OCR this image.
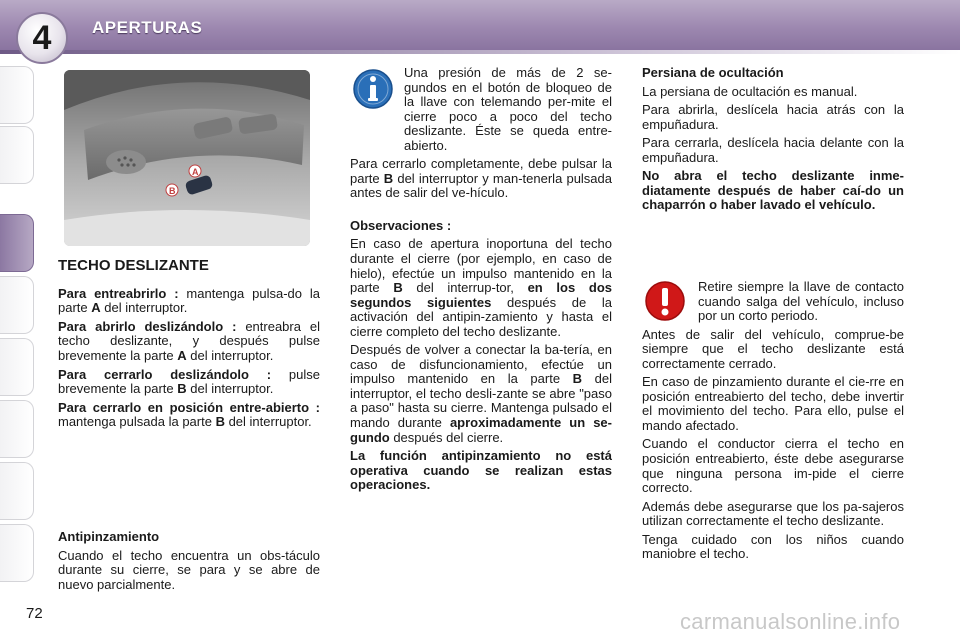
4 APERTURAS
A
B
TECHO DESLIZANTE

Para entreabrirlo : mantenga pulsa-do la parte A del interruptor.

Para abrirlo deslizándolo : entreabra el techo deslizante, y después pulse brevemente la parte A del interruptor.

Para cerrarlo deslizándolo : pulse brevemente la parte B del interruptor.

Para cerrarlo en posición entre-abierto : mantenga pulsada la parte B del interruptor.

Antipinzamiento

Cuando el techo encuentra un obs-táculo durante su cierre, se para y se abre de nuevo parcialmente.

Una presión de más de 2 se-gundos en el botón de bloqueo de la llave con telemando per-mite el cierre poco a poco del techo deslizante. Éste se queda entre-abierto.

Para cerrarlo completamente, debe pulsar la parte B del interruptor y man-tenerla pulsada antes de salir del ve-hículo.

Observaciones :

En caso de apertura inoportuna del techo durante el cierre (por ejemplo, en caso de hielo), efectúe un impulso mantenido en la parte B del interrup-tor, en los dos segundos siguientes después de la activación del antipin-zamiento y hasta el cierre completo del techo deslizante.

Después de volver a conectar la ba-tería, en caso de disfuncionamiento, efectúe un impulso mantenido en la parte B del interruptor, el techo desli-zante se abre "paso a paso" hasta su cierre. Mantenga pulsado el mando durante aproximadamente un se-gundo después del cierre.

La función antipinzamiento no está operativa cuando se realizan estas operaciones.

Persiana de ocultación

La persiana de ocultación es manual.

Para abrirla, deslícela hacia atrás con la empuñadura.

Para cerrarla, deslícela hacia delante con la empuñadura.

No abra el techo deslizante inme-diatamente después de haber caí-do un chaparrón o haber lavado el vehículo.

Retire siempre la llave de contacto cuando salga del vehículo, incluso por un corto periodo.

Antes de salir del vehículo, comprue-be siempre que el techo deslizante está correctamente cerrado.

En caso de pinzamiento durante el cie-rre en posición entreabierto del techo, debe invertir el movimiento del techo. Para ello, pulse el mando afectado.

Cuando el conductor cierra el techo en posición entreabierto, éste debe asegurarse que ninguna persona im-pide el cierre correcto.

Además debe asegurarse que los pa-sajeros utilizan correctamente el techo deslizante.

Tenga cuidado con los niños cuando maniobre el techo.

72	carmanualsonline.info
